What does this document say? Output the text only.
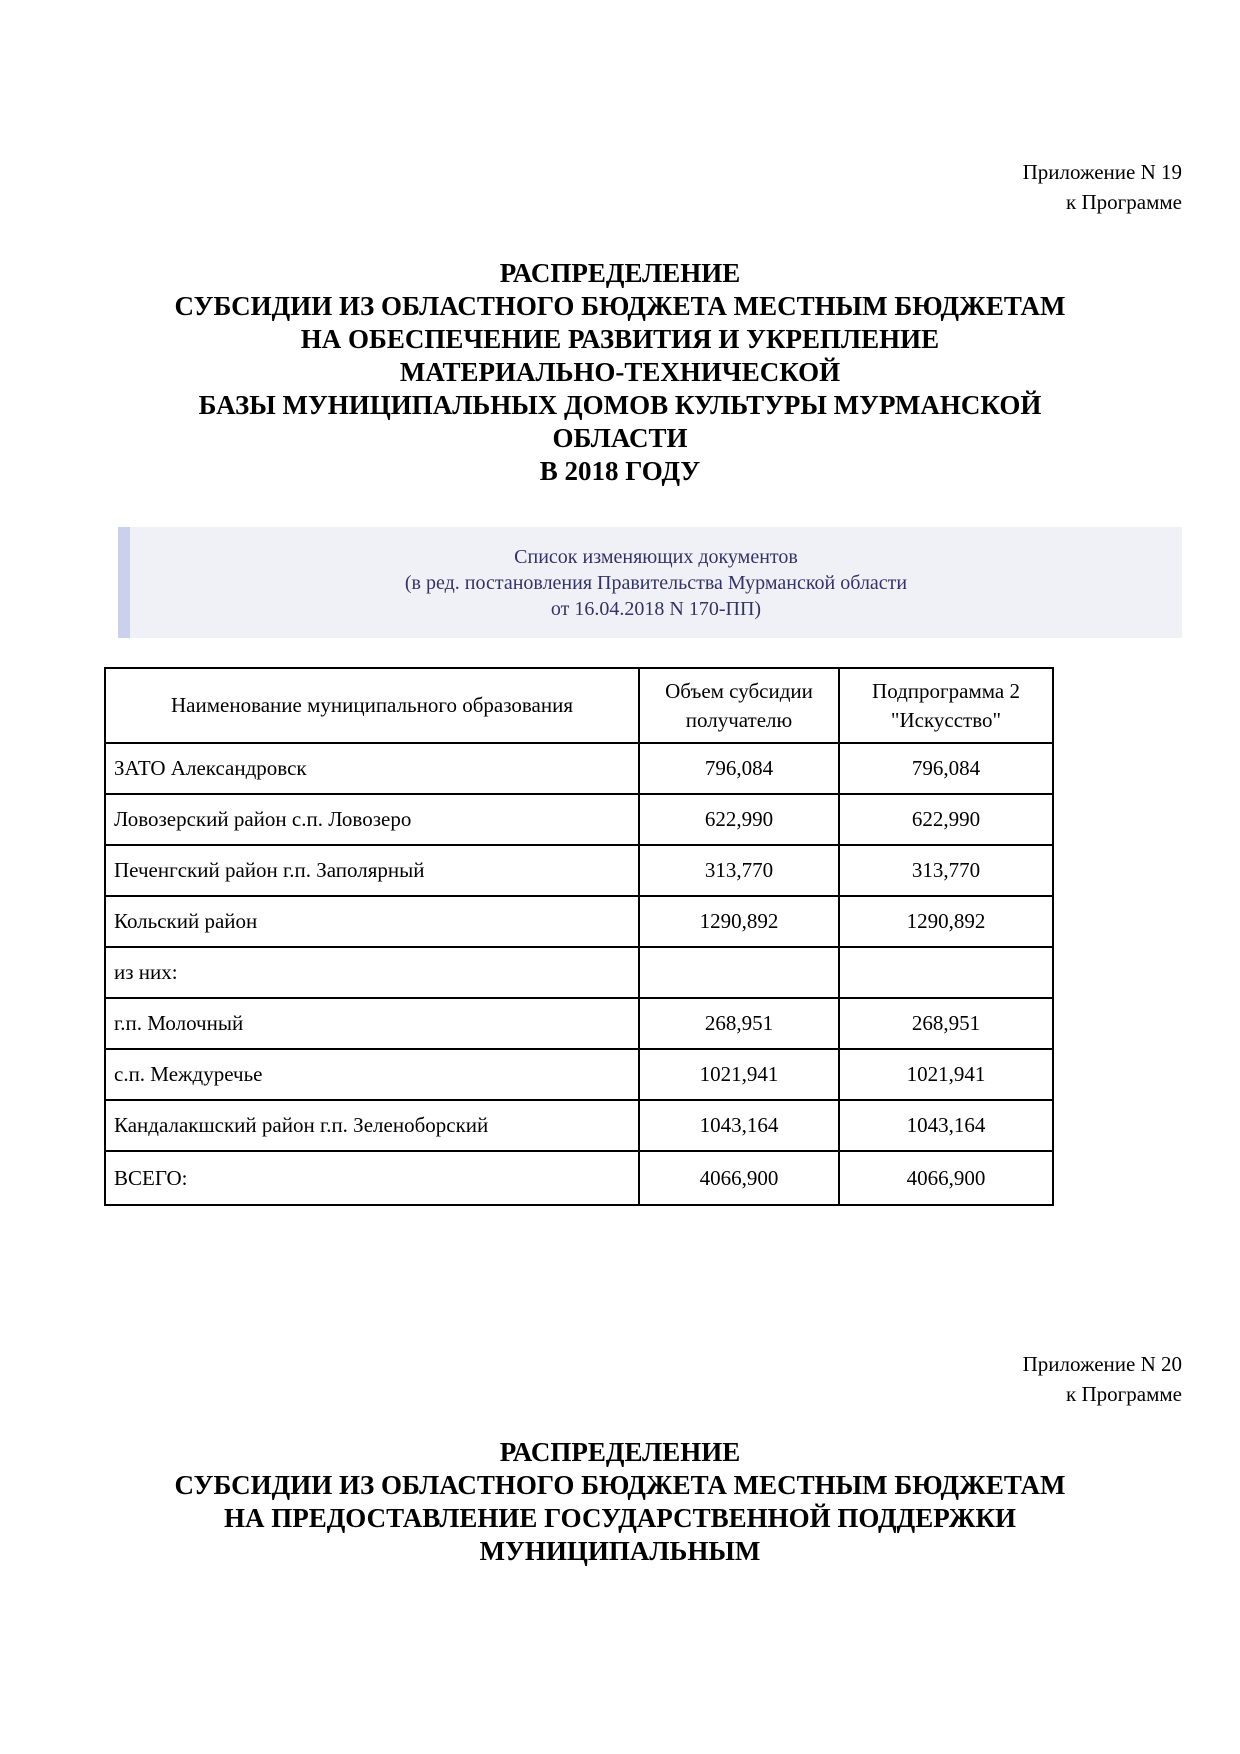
Приложение N 19
к Программе
РАСПРЕДЕЛЕНИЕ
СУБСИДИИ ИЗ ОБЛАСТНОГО БЮДЖЕТА МЕСТНЫМ БЮДЖЕТАМ
НА ОБЕСПЕЧЕНИЕ РАЗВИТИЯ И УКРЕПЛЕНИЕ
МАТЕРИАЛЬНО-ТЕХНИЧЕСКОЙ
БАЗЫ МУНИЦИПАЛЬНЫХ ДОМОВ КУЛЬТУРЫ МУРМАНСКОЙ
ОБЛАСТИ
В 2018 ГОДУ
Список изменяющих документов
(в ред. постановления Правительства Мурманской области
от 16.04.2018 N 170-ПП)
Наименование муниципального образования	Объем субсидии получателю	Подпрограмма 2 "Искусство"
ЗАТО Александровск	796,084	796,084
Ловозерский район с.п. Ловозеро	622,990	622,990
Печенгский район г.п. Заполярный	313,770	313,770
Кольский район	1290,892	1290,892
из них:		
г.п. Молочный	268,951	268,951
с.п. Междуречье	1021,941	1021,941
Кандалакшский район г.п. Зеленоборский	1043,164	1043,164
ВСЕГО:	4066,900	4066,900
Приложение N 20
к Программе
РАСПРЕДЕЛЕНИЕ
СУБСИДИИ ИЗ ОБЛАСТНОГО БЮДЖЕТА МЕСТНЫМ БЮДЖЕТАМ
НА ПРЕДОСТАВЛЕНИЕ ГОСУДАРСТВЕННОЙ ПОДДЕРЖКИ
МУНИЦИПАЛЬНЫМ
